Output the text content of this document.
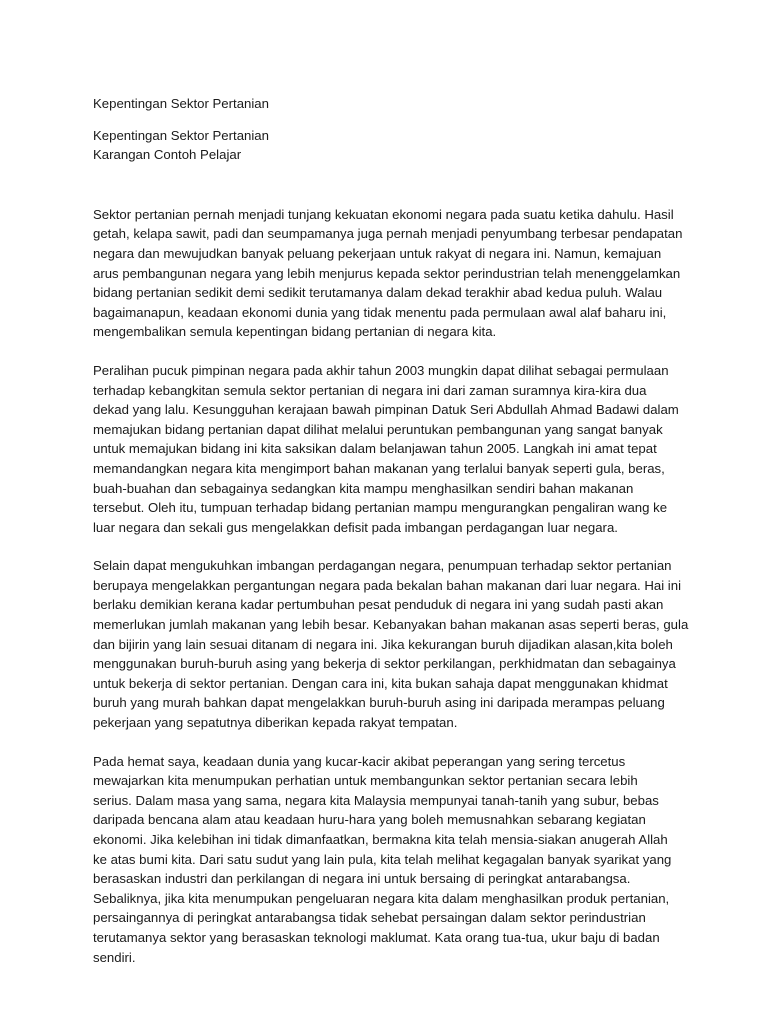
Kepentingan Sektor Pertanian
Kepentingan Sektor Pertanian
Karangan Contoh Pelajar
Sektor pertanian pernah menjadi tunjang kekuatan ekonomi negara pada suatu ketika dahulu. Hasil
getah, kelapa sawit, padi dan seumpamanya juga pernah menjadi penyumbang terbesar pendapatan
negara dan mewujudkan banyak peluang pekerjaan untuk rakyat di negara ini. Namun, kemajuan
arus pembangunan negara yang lebih menjurus kepada sektor perindustrian telah menenggelamkan
bidang pertanian sedikit demi sedikit terutamanya dalam dekad terakhir abad kedua puluh. Walau
bagaimanapun, keadaan ekonomi dunia yang tidak menentu pada permulaan awal alaf baharu ini,
mengembalikan semula kepentingan bidang pertanian di negara kita.
Peralihan pucuk pimpinan negara pada akhir tahun 2003 mungkin dapat dilihat sebagai permulaan
terhadap kebangkitan semula sektor pertanian di negara ini dari zaman suramnya kira-kira dua
dekad yang lalu. Kesungguhan kerajaan bawah pimpinan Datuk Seri Abdullah Ahmad Badawi dalam
memajukan bidang pertanian dapat dilihat melalui peruntukan pembangunan yang sangat banyak
untuk memajukan bidang ini kita saksikan dalam belanjawan tahun 2005. Langkah ini amat tepat
memandangkan negara kita mengimport bahan makanan yang terlalui banyak seperti gula, beras,
buah-buahan dan sebagainya sedangkan kita mampu menghasilkan sendiri bahan makanan
tersebut. Oleh itu, tumpuan terhadap bidang pertanian mampu mengurangkan pengaliran wang ke
luar negara dan sekali gus mengelakkan defisit pada imbangan perdagangan luar negara.
Selain dapat mengukuhkan imbangan perdagangan negara, penumpuan terhadap sektor pertanian
berupaya mengelakkan pergantungan negara pada bekalan bahan makanan dari luar negara. Hai ini
berlaku demikian kerana kadar pertumbuhan pesat penduduk di negara ini yang sudah pasti akan
memerlukan jumlah makanan yang lebih besar. Kebanyakan bahan makanan asas seperti beras, gula
dan bijirin yang lain sesuai ditanam di negara ini. Jika kekurangan buruh dijadikan alasan,kita boleh
menggunakan buruh-buruh asing yang bekerja di sektor perkilangan, perkhidmatan dan sebagainya
untuk bekerja di sektor pertanian. Dengan cara ini, kita bukan sahaja dapat menggunakan khidmat
buruh yang murah bahkan dapat mengelakkan buruh-buruh asing ini daripada merampas peluang
pekerjaan yang sepatutnya diberikan kepada rakyat tempatan.
Pada hemat saya, keadaan dunia yang kucar-kacir akibat peperangan yang sering tercetus
mewajarkan kita menumpukan perhatian untuk membangunkan sektor pertanian secara lebih
serius. Dalam masa yang sama, negara kita Malaysia mempunyai tanah-tanih yang subur, bebas
daripada bencana alam atau keadaan huru-hara yang boleh memusnahkan sebarang kegiatan
ekonomi. Jika kelebihan ini tidak dimanfaatkan, bermakna kita telah mensia-siakan anugerah Allah
ke atas bumi kita. Dari satu sudut yang lain pula, kita telah melihat kegagalan banyak syarikat yang
berasaskan industri dan perkilangan di negara ini untuk bersaing di peringkat antarabangsa.
Sebaliknya, jika kita menumpukan pengeluaran negara kita dalam menghasilkan produk pertanian,
persaingannya di peringkat antarabangsa tidak sehebat persaingan dalam sektor perindustrian
terutamanya sektor yang berasaskan teknologi maklumat. Kata orang tua-tua, ukur baju di badan
sendiri.
